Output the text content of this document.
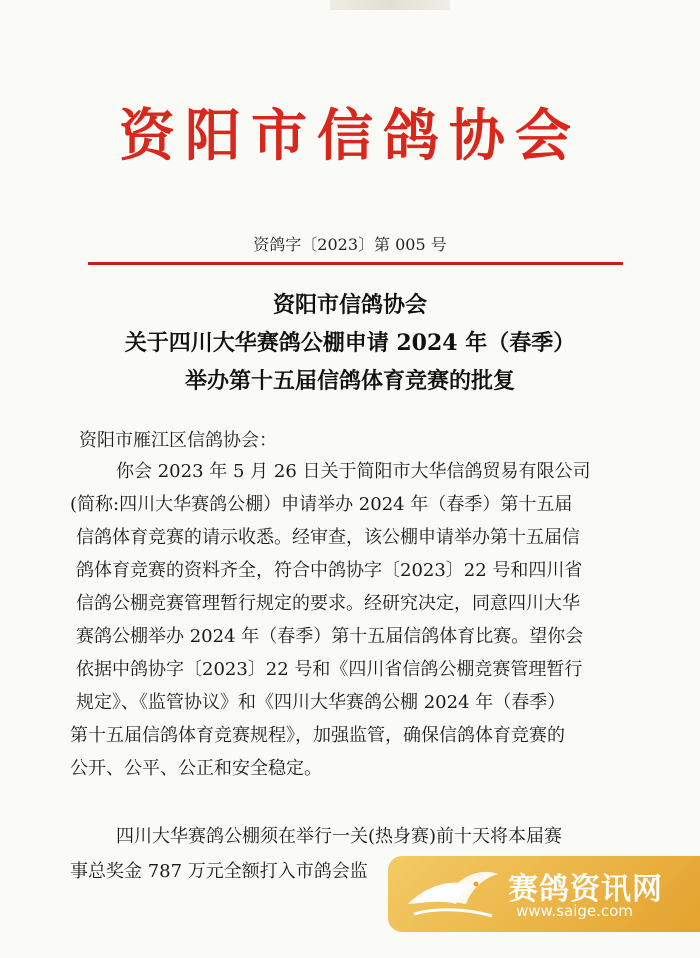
资阳市信鸽协会
资鸽字〔2023〕第 005 号
资阳市信鸽协会
关于四川大华赛鸽公棚申请 2024 年（春季）
举办第十五届信鸽体育竞赛的批复
资阳市雁江区信鸽协会：
你会 2023 年 5 月 26 日关于简阳市大华信鸽贸易有限公司
(简称:四川大华赛鸽公棚）申请举办 2024 年（春季）第十五届
信鸽体育竞赛的请示收悉。经审查，该公棚申请举办第十五届信
鸽体育竞赛的资料齐全，符合中鸽协字〔2023〕22 号和四川省
信鸽公棚竞赛管理暂行规定的要求。经研究决定，同意四川大华
赛鸽公棚举办 2024 年（春季）第十五届信鸽体育比赛。望你会
依据中鸽协字〔2023〕22 号和《四川省信鸽公棚竞赛管理暂行
规定》、《监管协议》和《四川大华赛鸽公棚 2024 年（春季）
第十五届信鸽体育竞赛规程》，加强监管，确保信鸽体育竞赛的
公开、公平、公正和安全稳定。
四川大华赛鸽公棚须在举行一关(热身赛)前十天将本届赛
事总奖金 787 万元全额打入市鸽会监
赛鸽资讯网
www.saige.com
